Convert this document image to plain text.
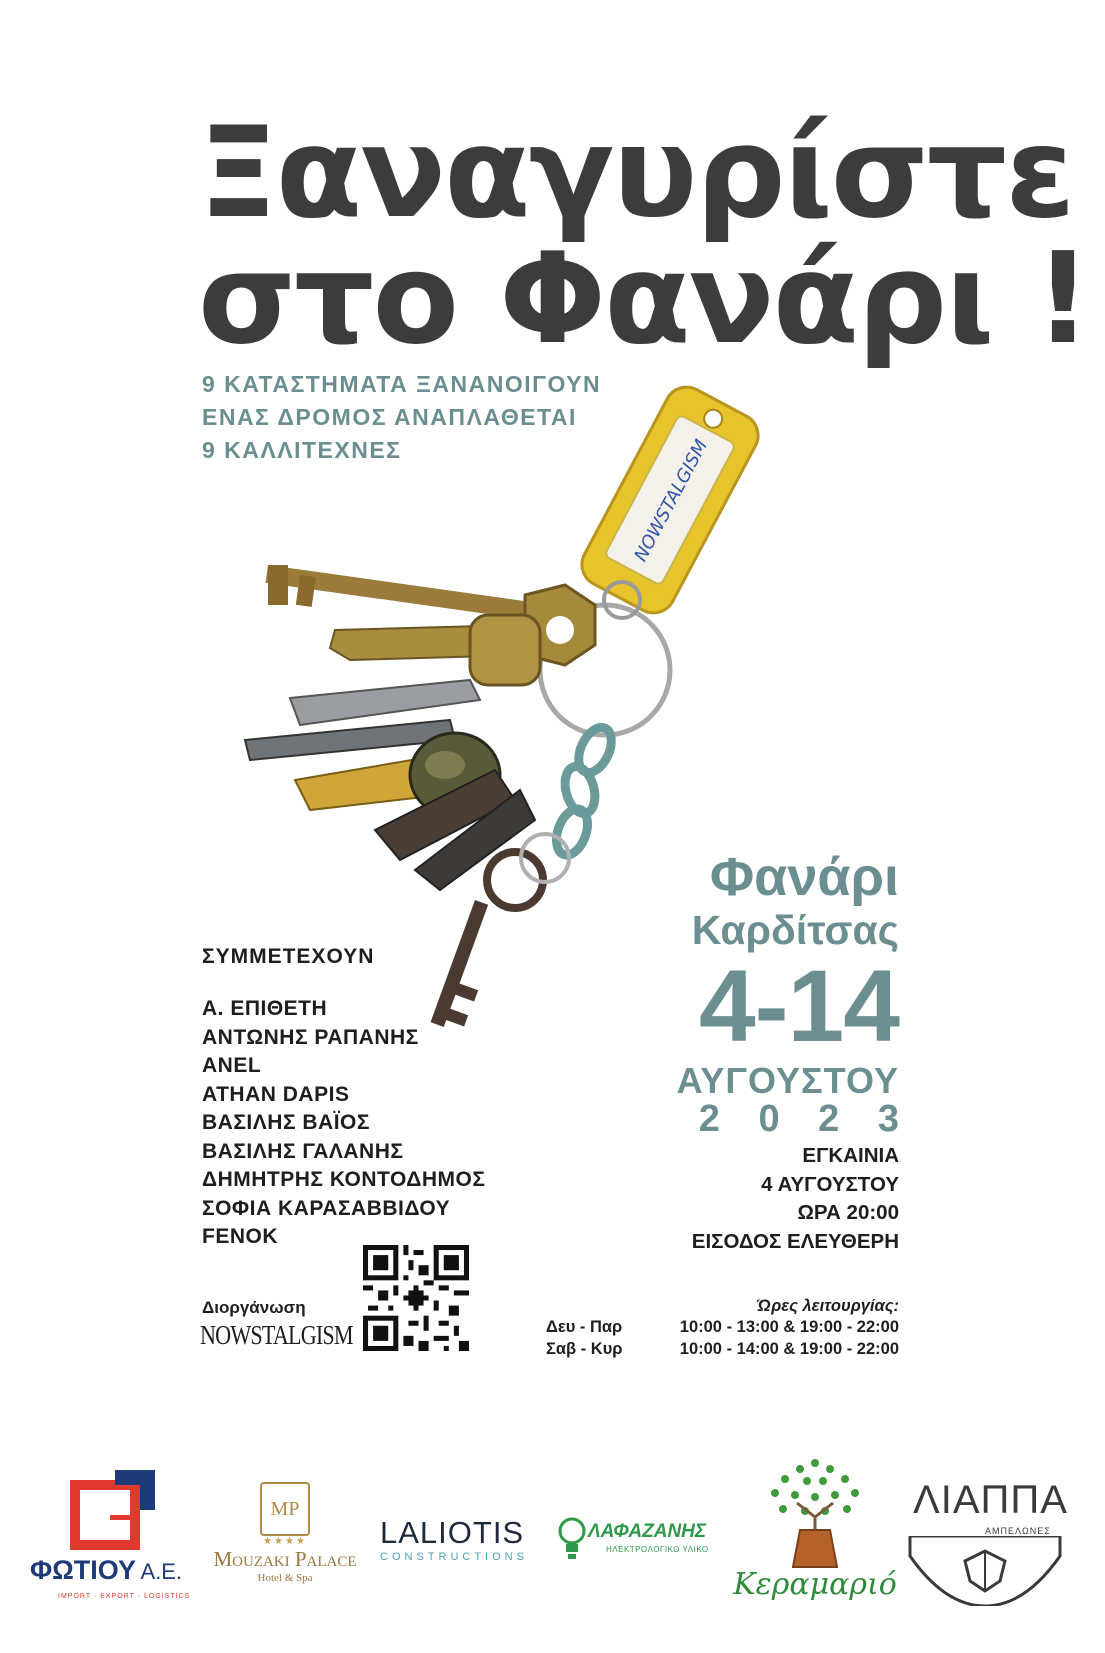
Ξαναγυρίστε
στο Φανάρι !
9 ΚΑΤΑΣΤΗΜΑΤΑ ΞΑΝΑΝΟΙΓΟΥΝ
ΕΝΑΣ ΔΡΟΜΟΣ ΑΝΑΠΛΑΘΕΤΑΙ
9 ΚΑΛΛΙΤΕΧΝΕΣ	NOWSTALGISM
ΣΥΜΜΕΤΕΧΟΥΝ
Α. ΕΠΙΘΕΤΗ
ΑΝΤΩΝΗΣ ΡΑΠΑΝΗΣ
ANEL
ATHAN DAPIS
ΒΑΣΙΛΗΣ ΒΑΪΟΣ
ΒΑΣΙΛΗΣ ΓΑΛΑΝΗΣ
ΔΗΜΗΤΡΗΣ ΚΟΝΤΟΔΗΜΟΣ
ΣΟΦΙΑ ΚΑΡΑΣΑΒΒΙΔΟΥ
FENOK
Φανάρι
Καρδίτσας
4-14
ΑΥΓΟΥΣΤΟΥ
2 0 2 3
ΕΓΚΑΙΝΙΑ
4 ΑΥΓΟΥΣΤΟΥ
ΩΡΑ 20:00
ΕΙΣΟΔΟΣ ΕΛΕΥΘΕΡΗ
Διοργάνωση
NOWSTALGISM
Ώρες λειτουργίας:
Δευ - Παρ	10:00 - 13:00 & 19:00 - 22:00
Σαβ - Κυρ	10:00 - 14:00 & 19:00 - 22:00
ΦΩΤΙΟΥ Α.Ε.
IMPORT · EXPORT · LOGISTICS
MP
★★★★
Mouzaki Palace
Hotel & Spa
LALIOTIS
CONSTRUCTIONS
ΛΑΦΑΖΑΝΗΣ
ΗΛΕΚΤΡΟΛΟΓΙΚΟ ΥΛΙΚΟ
Κεραμαριό
ΛΙΑΠΠΑ
ΑΜΠΕΛΩΝΕΣ
